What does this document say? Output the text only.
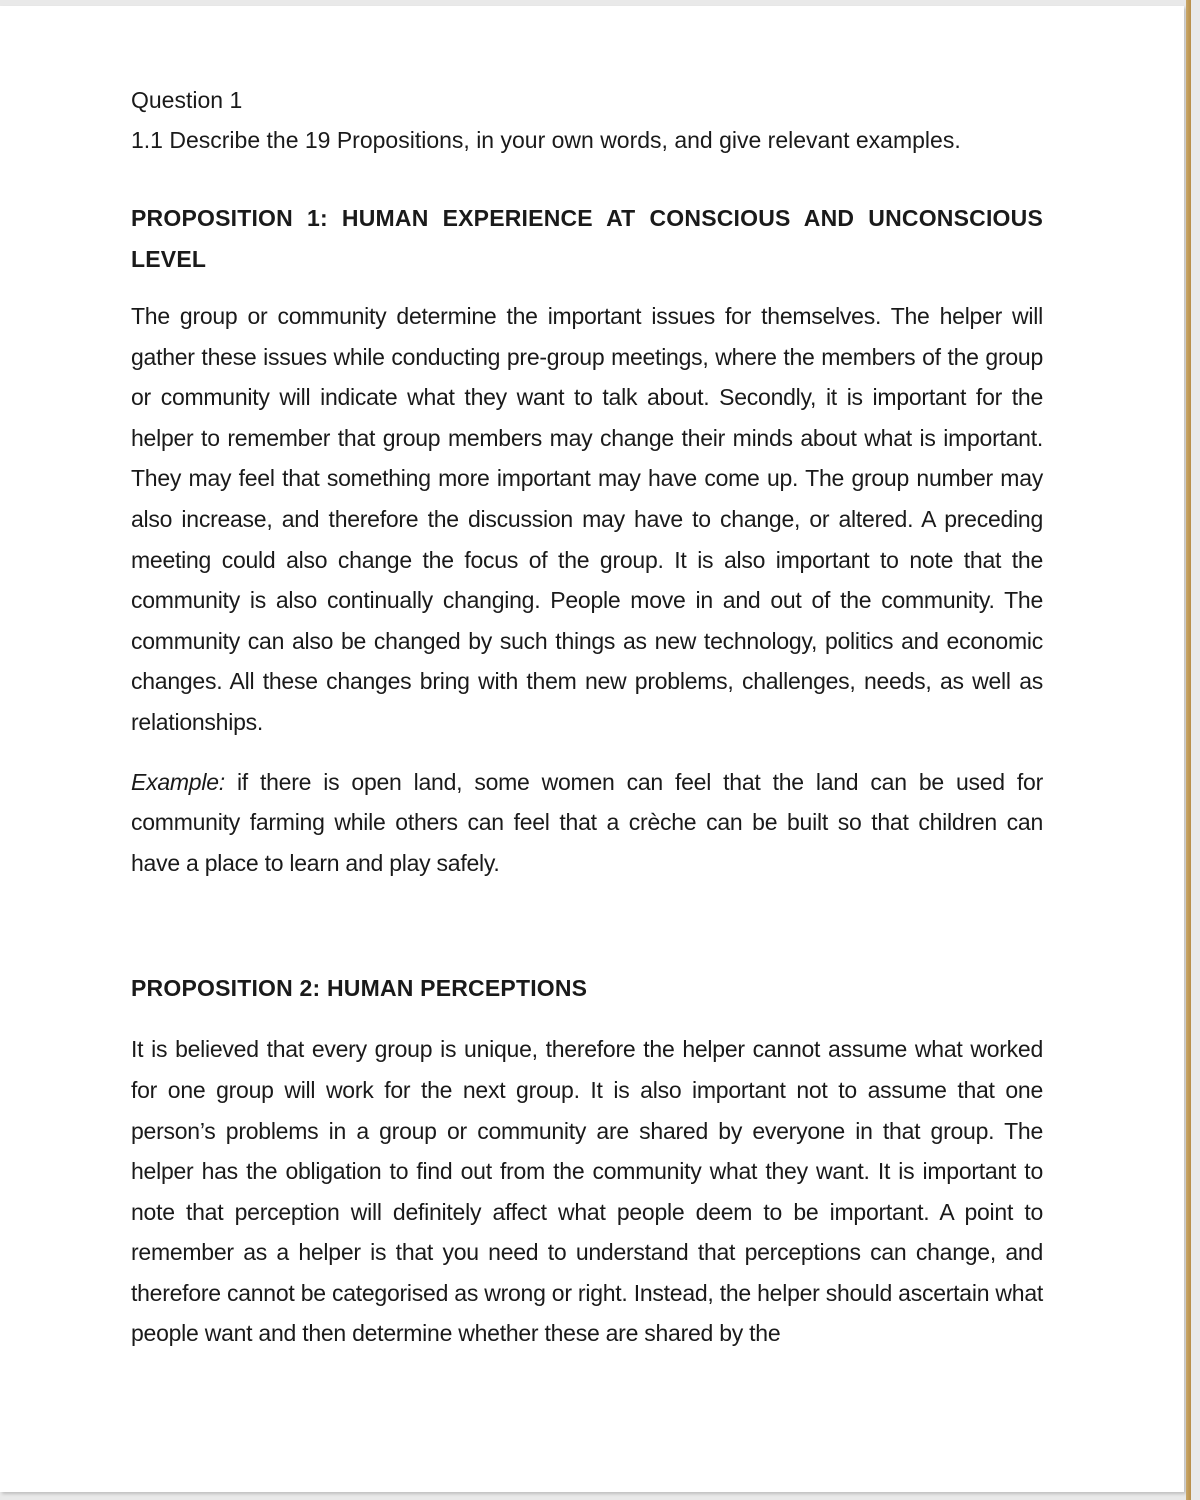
Question 1

1.1 Describe the 19 Propositions, in your own words, and give relevant examples.

PROPOSITION 1: HUMAN EXPERIENCE AT CONSCIOUS AND UNCONSCIOUS LEVEL

The group or community determine the important issues for themselves. The helper will gather these issues while conducting pre-group meetings, where the members of the group or community will indicate what they want to talk about. Secondly, it is important for the helper to remember that group members may change their minds about what is important. They may feel that something more important may have come up. The group number may also increase, and therefore the discussion may have to change, or altered. A preceding meeting could also change the focus of the group. It is also important to note that the community is also continually changing. People move in and out of the community. The community can also be changed by such things as new technology, politics and economic changes. All these changes bring with them new problems, challenges, needs, as well as relationships.

Example: if there is open land, some women can feel that the land can be used for community farming while others can feel that a crèche can be built so that children can have a place to learn and play safely.

PROPOSITION 2: HUMAN PERCEPTIONS

It is believed that every group is unique, therefore the helper cannot assume what worked for one group will work for the next group. It is also important not to assume that one person’s problems in a group or community are shared by everyone in that group. The helper has the obligation to find out from the community what they want. It is important to note that perception will definitely affect what people deem to be important. A point to remember as a helper is that you need to understand that perceptions can change, and therefore cannot be categorised as wrong or right. Instead, the helper should ascertain what people want and then determine whether these are shared by the
